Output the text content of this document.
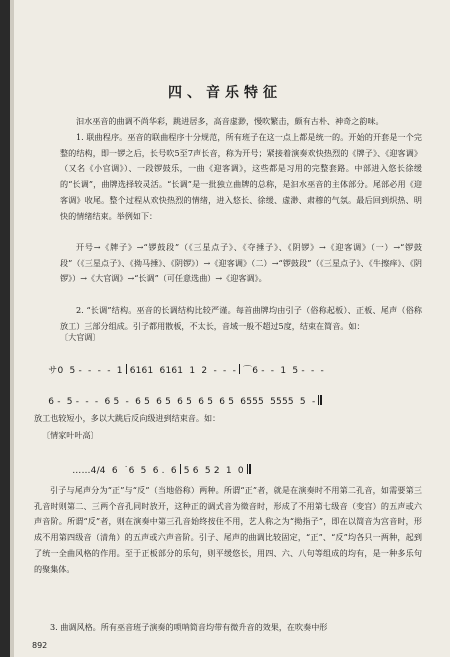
四、音乐特征

汩水巫音的曲调不尚华彩，跳进居多，高音虚渺，慢吹繁击，颇有古朴、神奇之韵味。

1. 联曲程序。巫音的联曲程序十分规范，所有班子在这一点上都是统一的。开始的开套是一个完整的结构，即一锣之后，长号吹5至7声长音，称为开号；紧接着演奏欢快热烈的《牌子》、《迎客调》（又名《小官调》）、一段锣鼓乐，一曲《迎客调》，这些都是习用的完整套路。中部进入悠长徐缓的“长调”，曲牌选择较灵活。“长调”是一批独立曲牌的总称，是汩水巫音的主体部分。尾部必用《迎客调》收尾。整个过程从欢快热烈的情绪，进入悠长、徐缓、虚渺、肃穆的气氛。最后回到炽热、明快的情绪结束。举例如下：

开号→《牌子》→“锣鼓段”（《三星点子》、《夺捶子》、《阴锣》→《迎客调》（一）→“锣鼓段”（《三星点子》、《拗马捶》、《阴锣》）→《迎客调》（二）→“锣鼓段”（《三星点子》、《牛擦痒》、《阴锣》）→《大官调》→“长调”（可任意选曲）→《迎客调》。

2. “长调”结构。巫音的长调结构比较严谨。每首曲牌均由引子（俗称起板）、正板、尾声（俗称放工）三部分组成。引子都用散板，不太长，音域一般不超过5度，结束在简音。如：

〔大官调〕

サ0  5 -  -  -  -  1 6161  6161  1  2  -  -  - ⌒6 -  -  1  5 -  -  -

6 -  5 -  -  -  6 5  -  6 5  6 5  6 5  6 5  6 5 6555  5555  5  -

放工也较短小，多以大跳后反向级进到结束音。如：

〔情家叶叶高〕

……4/4  6  ˙6  5  6 .  6 5 6  5 2  1  0

引子与尾声分为“正”与“反”（当地俗称）两种。所谓“正”者，就是在演奏时不用第二孔音，如需要第三孔音时则第二、三两个音孔同时放开，这种正的调式音为徵音时，形成了不用第七级音（变宫）的五声或六声音阶。所谓“反”者，则在演奏中第三孔音始终按住不用，艺人称之为“拗指子”，即在以简音为宫音时，形成不用第四级音（清角）的五声或六声音阶。引子、尾声的曲调比较固定，“正”、“反”均各只一两种，起到了统一全曲风格的作用。至于正板部分的乐句，则平缓悠长，用四、六、八句等组成的均有，是一种多乐句的聚集体。

3. 曲调风格。所有巫音班子演奏的唢呐简音均带有微升音的效果，在吹奏中形

892
